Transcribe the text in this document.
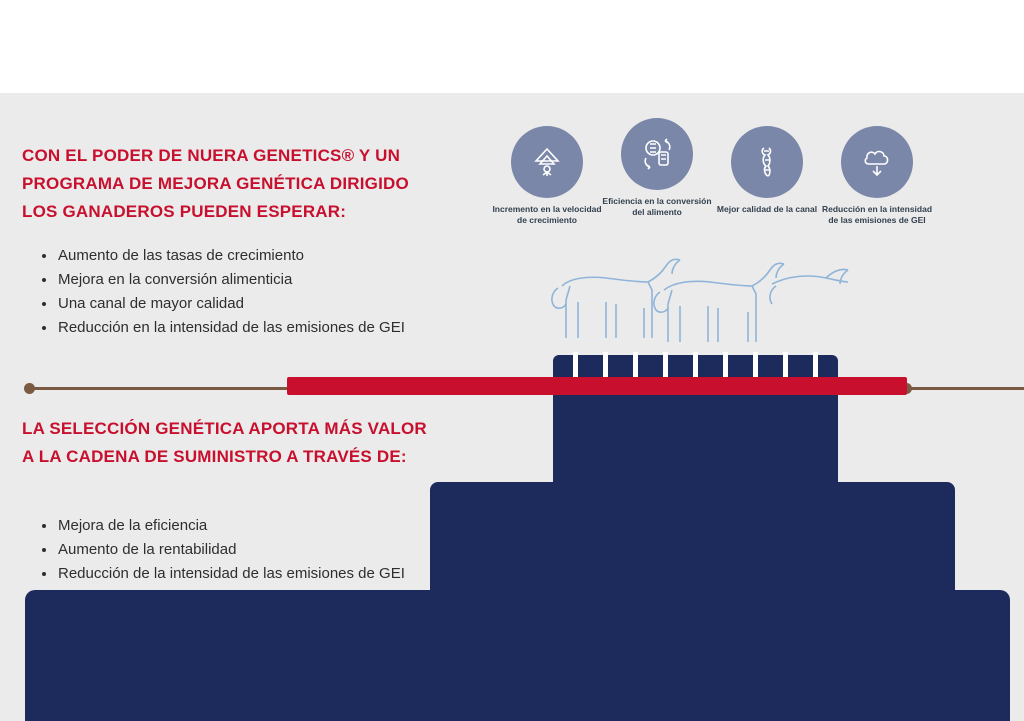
CON EL PODER DE NUERA GENETICS® Y UN PROGRAMA DE MEJORA GENÉTICA DIRIGIDO LOS GANADEROS PUEDEN ESPERAR:
Aumento de las tasas de crecimiento
Mejora en la conversión alimenticia
Una canal de mayor calidad
Reducción en la intensidad de las emisiones de GEI
LA SELECCIÓN GENÉTICA APORTA MÁS VALOR A LA CADENA DE SUMINISTRO A TRAVÉS DE:
Mejora de la eficiencia
Aumento de la rentabilidad
Reducción de la intensidad de las emisiones de GEI
Incremento en la velocidad de crecimiento
Eficiencia en la conversión del alimento	Mejor calidad de la canal Reducción en la intensidad de las emisiones de GEI
